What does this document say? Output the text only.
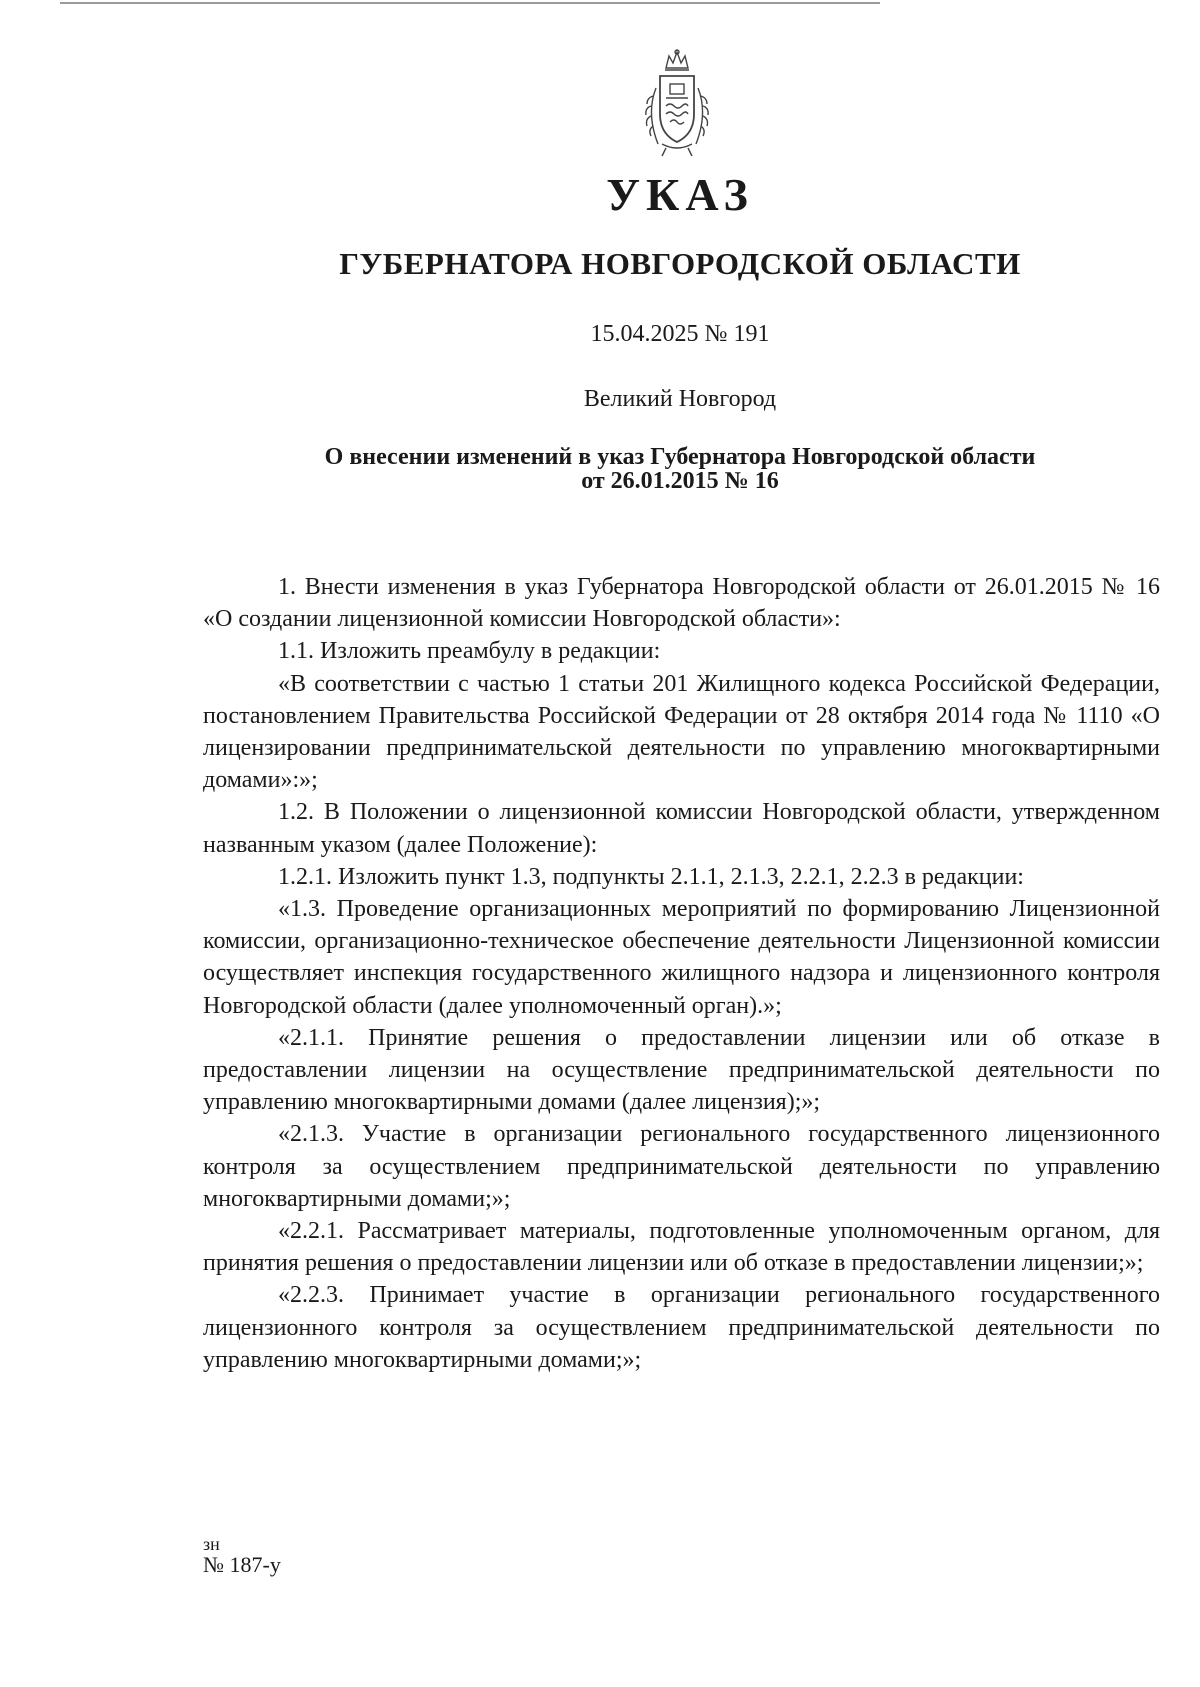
УКАЗ
ГУБЕРНАТОРА НОВГОРОДСКОЙ ОБЛАСТИ
15.04.2025 № 191
Великий Новгород
О внесении изменений в указ Губернатора Новгородской области
от 26.01.2015 № 16

1. Внести изменения в указ Губернатора Новгородской области от 26.01.2015 № 16 «О создании лицензионной комиссии Новгородской области»:

1.1. Изложить преамбулу в редакции:

«В соответствии с частью 1 статьи 201 Жилищного кодекса Российской Федерации, постановлением Правительства Российской Федерации от 28 октября 2014 года № 1110 «О лицензировании предпринимательской деятельности по управлению многоквартирными домами»:»;

1.2. В Положении о лицензионной комиссии Новгородской области, утвержденном названным указом (далее Положение):

1.2.1. Изложить пункт 1.3, подпункты 2.1.1, 2.1.3, 2.2.1, 2.2.3 в редакции:

«1.3. Проведение организационных мероприятий по формированию Лицензионной комиссии, организационно-техническое обеспечение деятельности Лицензионной комиссии осуществляет инспекция государственного жилищного надзора и лицензионного контроля Новгородской области (далее уполномоченный орган).»;

«2.1.1. Принятие решения о предоставлении лицензии или об отказе в предоставлении лицензии на осуществление предпринимательской деятельности по управлению многоквартирными домами (далее лицензия);»;

«2.1.3. Участие в организации регионального государственного лицензионного контроля за осуществлением предпринимательской деятельности по управлению многоквартирными домами;»;

«2.2.1. Рассматривает материалы, подготовленные уполномоченным органом, для принятия решения о предоставлении лицензии или об отказе в предоставлении лицензии;»;

«2.2.3. Принимает участие в организации регионального государственного лицензионного контроля за осуществлением предпринимательской деятельности по управлению многоквартирными домами;»;

зн
№ 187-у
